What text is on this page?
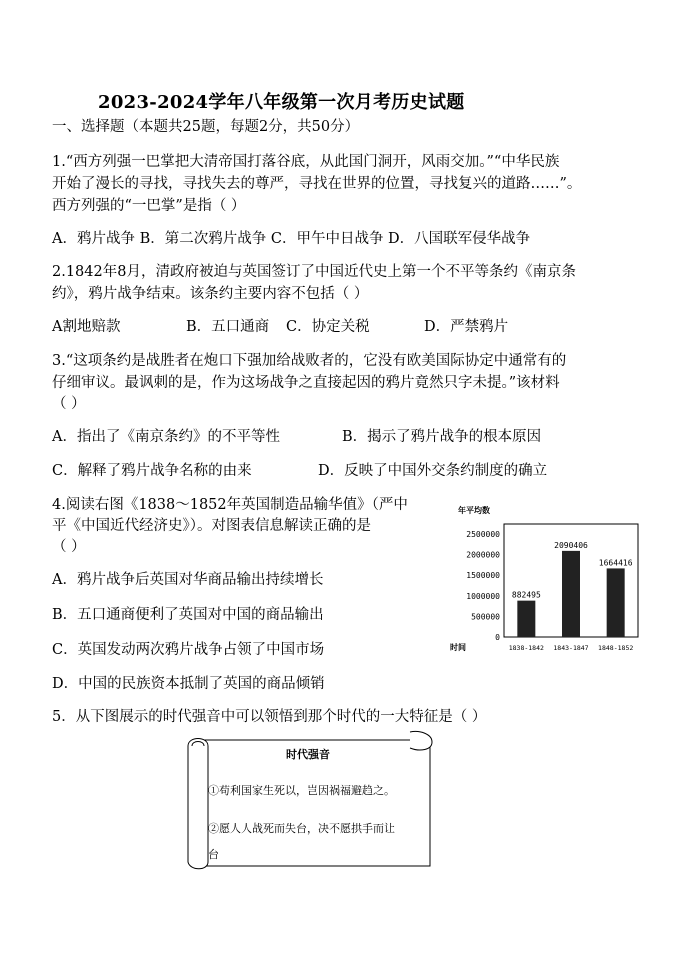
2023-2024学年八年级第一次月考历史试题
一、选择题（本题共25题，每题2分，共50分）
1.“西方列强一巴掌把大清帝国打落谷底，从此国门洞开，风雨交加。”“中华民族
开始了漫长的寻找，寻找失去的尊严，寻找在世界的位置，寻找复兴的道路……”。
西方列强的“一巴掌”是指（ ）
A．鸦片战争 B．第二次鸦片战争 C．甲午中日战争 D．八国联军侵华战争
2.1842年8月，清政府被迫与英国签订了中国近代史上第一个不平等条约《南京条
约》，鸦片战争结束。该条约主要内容不包括（ ）
A割地赔款	B．五口通商 C．协定关税	D．严禁鸦片
3.“这项条约是战胜者在炮口下强加给战败者的，它没有欧美国际协定中通常有的
仔细审议。最讽刺的是，作为这场战争之直接起因的鸦片竟然只字未提。”该材料
（ ）
A．指出了《南京条约》的不平等性	B．揭示了鸦片战争的根本原因
C．解释了鸦片战争名称的由来	D．反映了中国外交条约制度的确立
4.阅读右图《1838～1852年英国制造品输华值》（严中
平《中国近代经济史》）。对图表信息解读正确的是
（ ）
A．鸦片战争后英国对华商品输出持续增长
B．五口通商便利了英国对中国的商品输出
C．英国发动两次鸦片战争占领了中国市场
D．中国的民族资本抵制了英国的商品倾销
年平均数
2500000
2000000
1500000
1000000
500000
0
882495
2090406
1664416
1838-1842 1843-1847 1848-1852
时间
5．从下图展示的时代强音中可以领悟到那个时代的一大特征是（ ）
时代强音
①苟利国家生死以，岂因祸福避趋之。
②愿人人战死而失台，决不愿拱手而让
台
